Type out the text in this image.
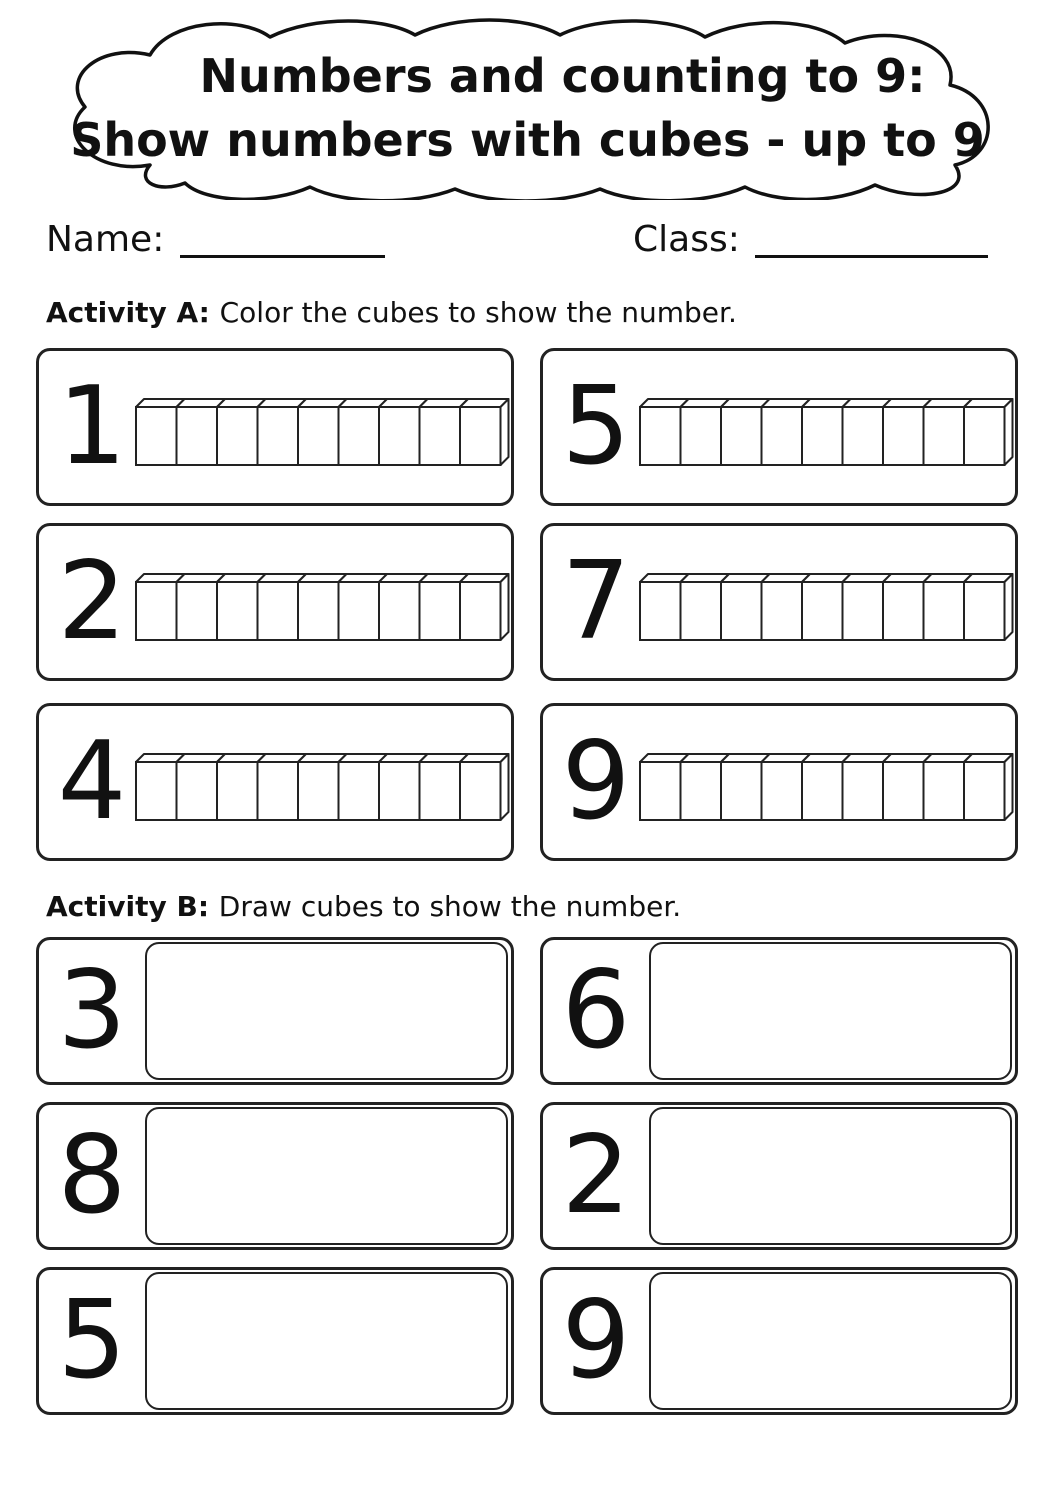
Numbers and counting to 9:
Show numbers with cubes - up to 9
Name:	Class:
Activity A: Color the cubes to show the number.
1	5
2	7
4	9
Activity B: Draw cubes to show the number.
3	6
8	2
5	9
